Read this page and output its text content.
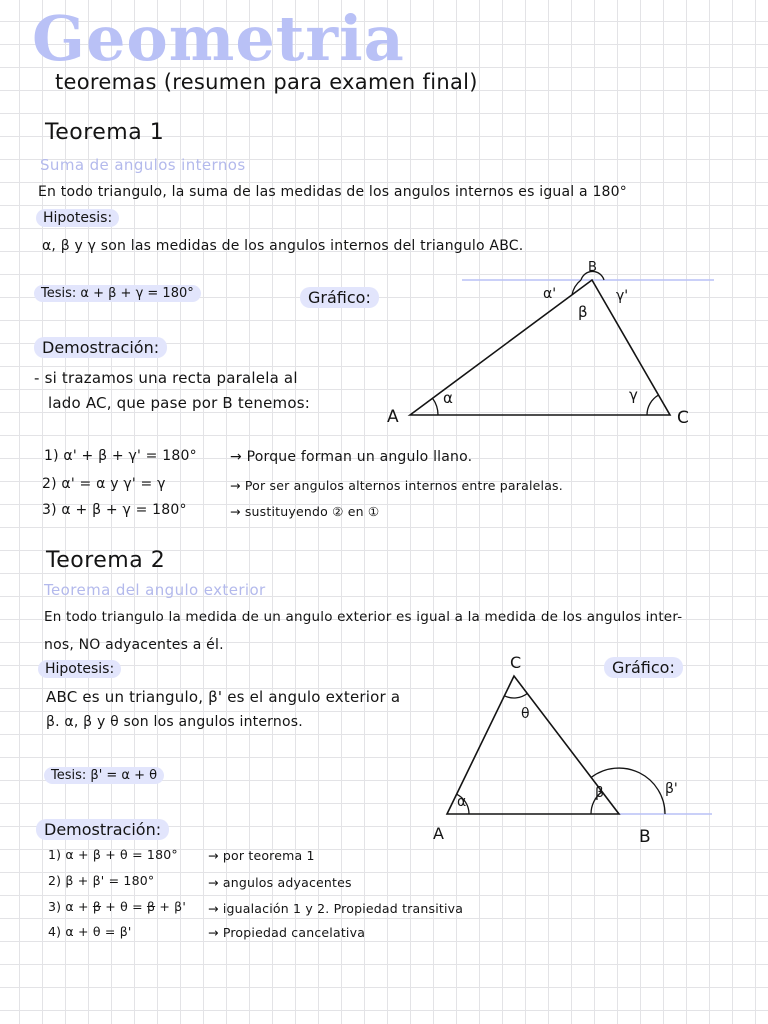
Geometria
teoremas (resumen para examen final)
Teorema 1
Suma de angulos internos
En todo triangulo, la suma de las medidas de los angulos internos es igual a 180°
Hipotesis:
α, β y γ son las medidas de los angulos internos del triangulo ABC.
Tesis: α + β + γ = 180°	Gráfico:
Demostración:
- si trazamos una recta paralela al
lado AC, que pase por B tenemos:
1) α' + β + γ' = 180° → Porque forman un angulo llano.
2) α' = α y γ' = γ	→ Por ser angulos alternos internos entre paralelas.
3) α + β + γ = 180°	→ sustituyendo ② en ①
A
B
C
α
β
γ
α'	γ'
Teorema 2
Teorema del angulo exterior
En todo triangulo la medida de un angulo exterior es igual a la medida de los angulos inter-
nos, NO adyacentes a él.
Hipotesis:
ABC es un triangulo, β' es el angulo exterior a
β. α, β y θ son los angulos internos.
Tesis: β' = α + θ
Gráfico:
Demostración:
1) α + β + θ = 180° → por teorema 1
2) β + β' = 180°	→ angulos adyacentes
3) α + β + θ = β + β' → igualación 1 y 2. Propiedad transitiva
4) α + θ = β'	→ Propiedad cancelativa
A
C
B
α
θ
β	β'
